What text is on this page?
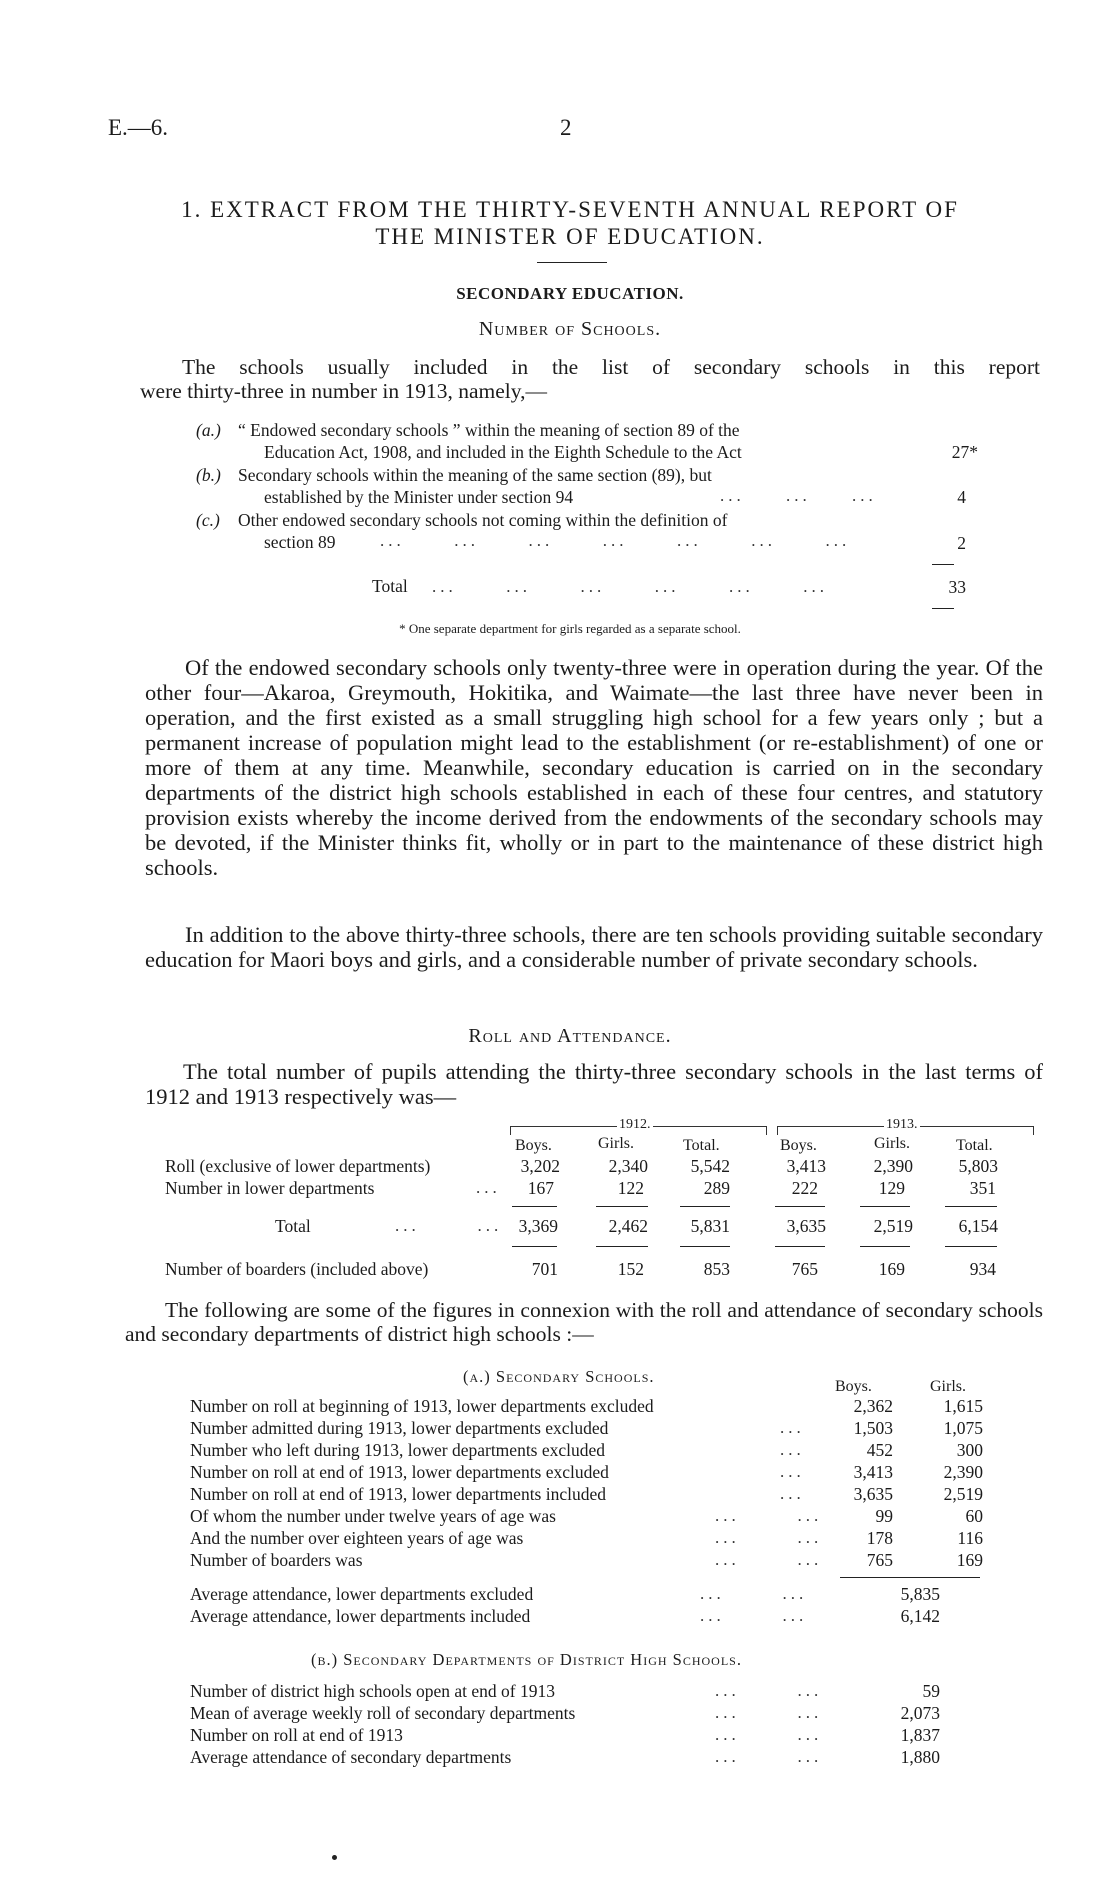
E.—6.	2
1. EXTRACT FROM THE THIRTY-SEVENTH ANNUAL REPORT OF
THE MINISTER OF EDUCATION.
SECONDARY EDUCATION.
Number of Schools.
The schools usually included in the list of secondary schools in this report
were thirty-three in number in 1913, namely,—
(a.) “ Endowed secondary schools ” within the meaning of section 89 of the
Education Act, 1908, and included in the Eighth Schedule to the Act	27*
(b.) Secondary schools within the meaning of the same section (89), but
established by the Minister under section 94	...     ...     ...	4
(c.) Other endowed secondary schools not coming within the definition of
section 89	...      ...      ...      ...      ...      ...      ...	2
Total ...      ...      ...      ...      ...      ...	33
* One separate department for girls regarded as a separate school.
Of the endowed secondary schools only twenty-three were in operation during the year. Of the other four—Akaroa, Greymouth, Hokitika, and Waimate—the last three have never been in operation, and the first existed as a small struggling high school for a few years only ; but a permanent increase of population might lead to the establishment (or re-establishment) of one or more of them at any time. Meanwhile, secondary education is carried on in the secondary departments of the district high schools established in each of these four centres, and statutory provision exists whereby the income derived from the endowments of the secondary schools may be devoted, if the Minister thinks fit, wholly or in part to the maintenance of these district high schools.
In addition to the above thirty-three schools, there are ten schools providing suitable secondary education for Maori boys and girls, and a considerable number of private secondary schools.
Roll and Attendance.
The total number of pupils attending the thirty-three secondary schools in the last terms of 1912 and 1913 respectively was—
1912.	1913.
Boys.	Girls.	Total.	Boys.	Girls.	Total.
Roll (exclusive of lower departments)	3,202	2,340	5,542	3,413	2,390	5,803
Number in lower departments	...	167	122	289	222	129	351
Total	...       ... 3,369	2,462	5,831	3,635	2,519	6,154
Number of boarders (included above)	701	152	853	765	169	934
The following are some of the figures in connexion with the roll and attendance of secondary schools and secondary departments of district high schools :—
(a.) Secondary Schools.
Boys.	Girls.
Number on roll at beginning of 1913, lower departments excluded	2,362	1,615
Number admitted during 1913, lower departments excluded	...	1,503	1,075
Number who left during 1913, lower departments excluded	...	452	300
Number on roll at end of 1913, lower departments excluded	...	3,413	2,390
Number on roll at end of 1913, lower departments included	...	3,635	2,519
Of whom the number under twelve years of age was	...       ...	99	60
And the number over eighteen years of age was	...       ...	178	116
Number of boarders was	...       ...	765	169
Average attendance, lower departments excluded	...       ...	5,835
Average attendance, lower departments included	...       ...	6,142
(b.) Secondary Departments of District High Schools.
Number of district high schools open at end of 1913	...       ...	59
Mean of average weekly roll of secondary departments	...       ...	2,073
Number on roll at end of 1913	...       ...	1,837
Average attendance of secondary departments	...       ...	1,880
